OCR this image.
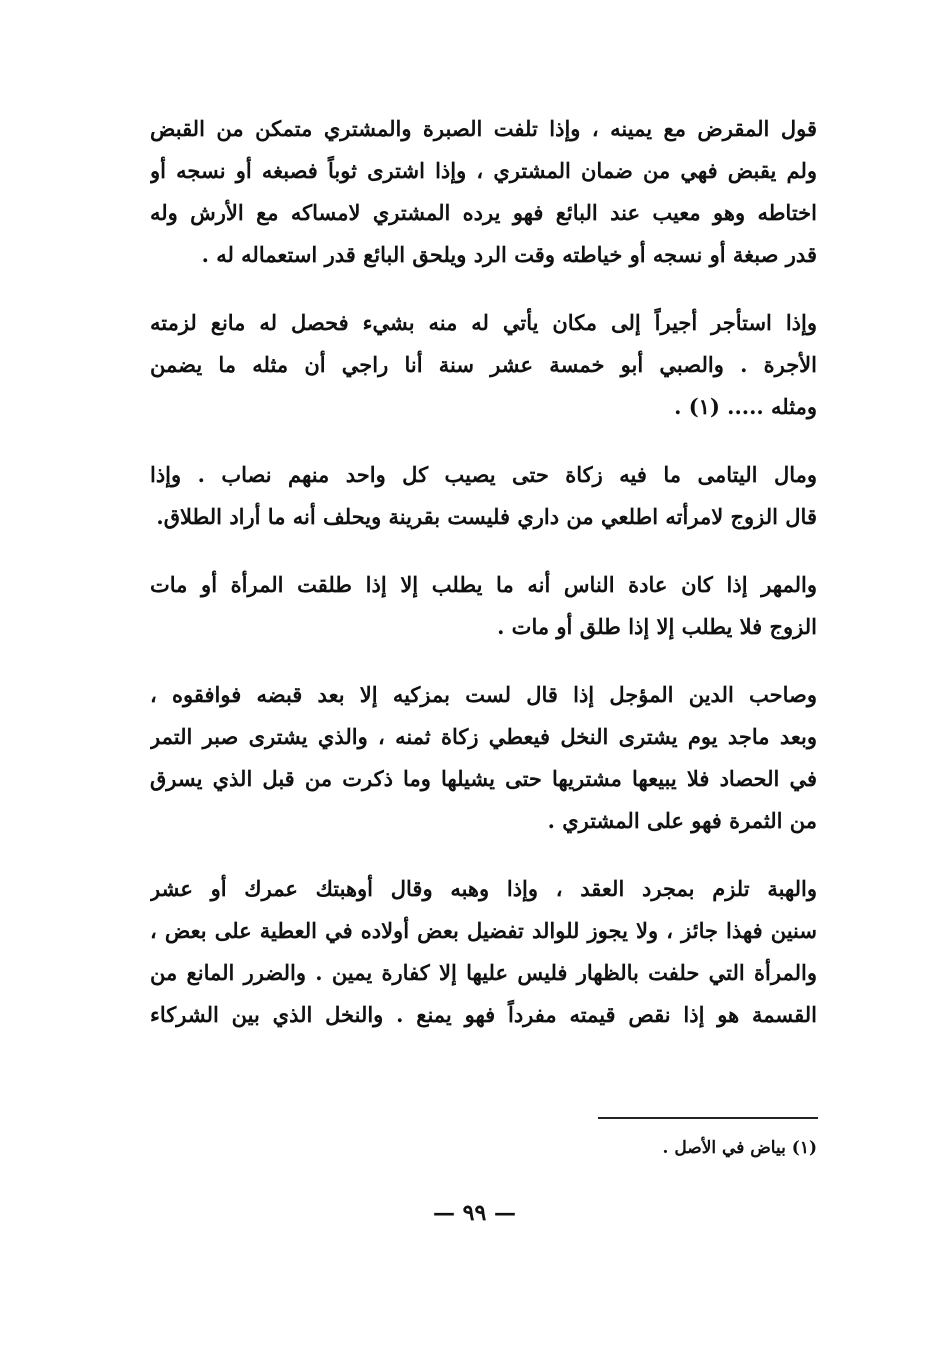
قول المقرض مع يمينه ، وإذا تلفت الصبرة والمشتري متمكن من القبض
ولم يقبض فهي من ضمان المشتري ، وإذا اشترى ثوباً فصبغه أو نسجه أو
اختاطه وهو معيب عند البائع فهو يرده المشتري لامساكه مع الأرش وله
قدر صبغة أو نسجه أو خياطته وقت الرد ويلحق البائع قدر استعماله له .
وإذا استأجر أجيراً إلى مكان يأتي له منه بشيء فحصل له مانع لزمته
الأجرة . والصبي أبو خمسة عشر سنة أنا راجي أن مثله ما يضمن
ومثله ..... (١) .
ومال اليتامى ما فيه زكاة حتى يصيب كل واحد منهم نصاب . وإذا
قال الزوج لامرأته اطلعي من داري فليست بقرينة ويحلف أنه ما أراد الطلاق.
والمهر إذا كان عادة الناس أنه ما يطلب إلا إذا طلقت المرأة أو مات
الزوج فلا يطلب إلا إذا طلق أو مات .
وصاحب الدين المؤجل إذا قال لست بمزكيه إلا بعد قبضه فوافقوه ،
وبعد ماجد يوم يشترى النخل فيعطي زكاة ثمنه ، والذي يشترى صبر التمر
في الحصاد فلا يبيعها مشتريها حتى يشيلها وما ذكرت من قبل الذي يسرق
من الثمرة فهو على المشتري .
والهبة تلزم بمجرد العقد ، وإذا وهبه وقال أوهبتك عمرك أو عشر
سنين فهذا جائز ، ولا يجوز للوالد تفضيل بعض أولاده في العطية على بعض ،
والمرأة التي حلفت بالظهار فليس عليها إلا كفارة يمين . والضرر المانع من
القسمة هو إذا نقص قيمته مفرداً فهو يمنع . والنخل الذي بين الشركاء
(١) بياض في الأصل .
— ٩٩ —
